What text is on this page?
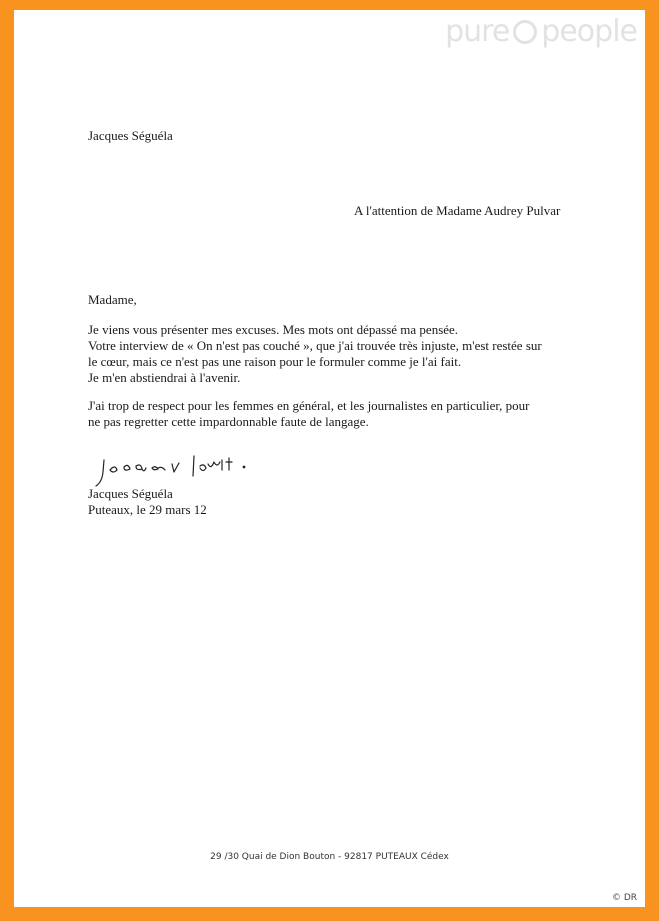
pure people
Jacques Séguéla
A l'attention de Madame Audrey Pulvar
Madame,
Je viens vous présenter mes excuses. Mes mots ont dépassé ma pensée.
Votre interview de « On n'est pas couché », que j'ai trouvée très injuste, m'est restée sur
le cœur, mais ce n'est pas une raison pour le formuler comme je l'ai fait.
Je m'en abstiendrai à l'avenir.
J'ai trop de respect pour les femmes en général, et les journalistes en particulier, pour
ne pas regretter cette impardonnable faute de langage.
Jacques Séguéla
Puteaux, le 29 mars 12
29 /30 Quai de Dion Bouton - 92817 PUTEAUX Cédex
© DR
